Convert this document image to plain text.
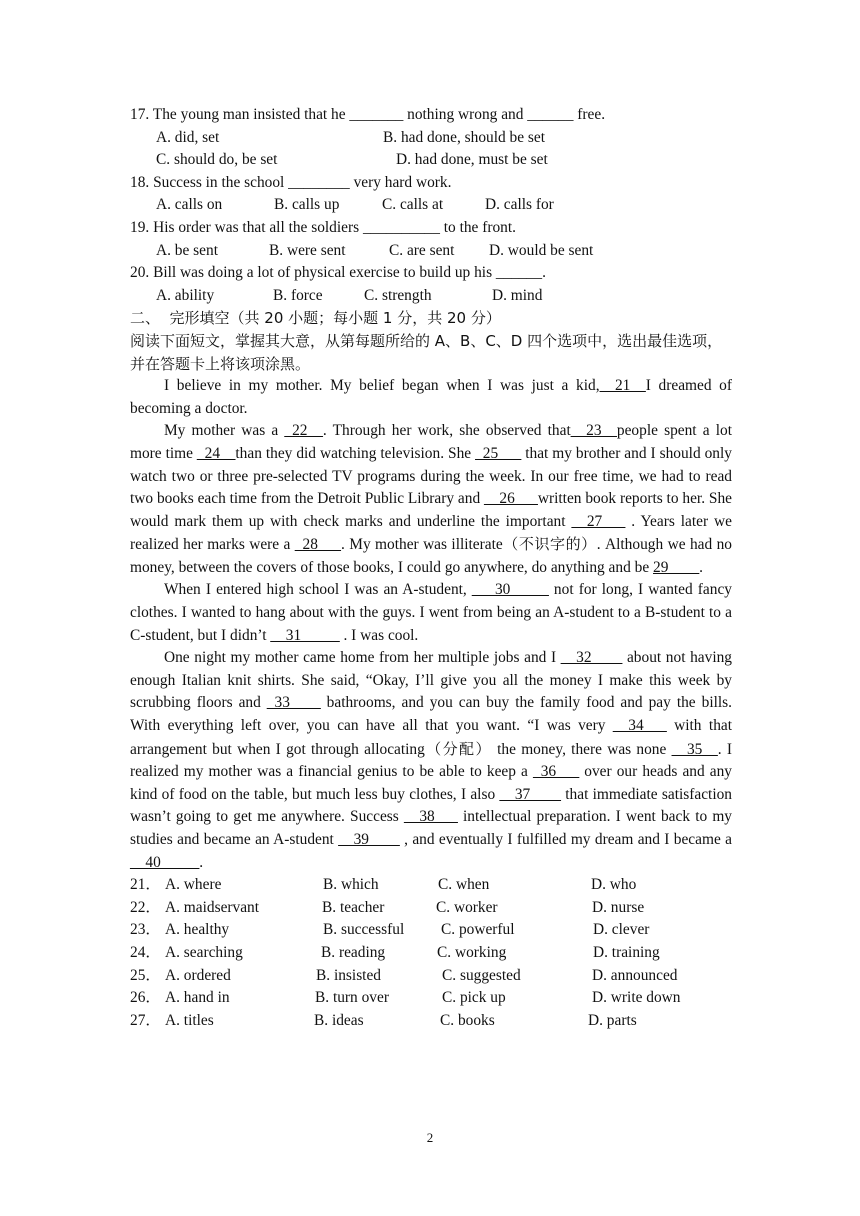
17. The young man insisted that he _______ nothing wrong and ______ free.
A. did, set	B. had done, should be set
C. should do, be set	D. had done, must be set
18. Success in the school ________ very hard work.
A. calls on	B. calls up	C. calls at	D. calls for
19. His order was that all the soldiers __________ to the front.
A. be sent	B. were sent	C. are sent D. would be sent
20. Bill was doing a lot of physical exercise to build up his ______.
A. ability	B. force	C. strength	D. mind
二、  完形填空（共 20 小题；每小题 1 分，共 20 分）
阅读下面短文，掌握其大意，从第每题所给的 A、B、C、D 四个选项中，选出最佳选项，并在答题卡上将该项涂黑。
I believe in my mother. My belief began when I was just a kid,__21__I dreamed of becoming a doctor.
My mother was a _22__. Through her work, she observed that__23__people spent a lot more time _24__than they did watching television. She _25___ that my brother and I should only watch two or three pre-selected TV programs during the week. In our free time, we had to read two books each time from the Detroit Public Library and __26___written book reports to her. She would mark them up with check marks and underline the important __27___ . Years later we realized her marks were a _28___. My mother was illiterate（不识字的）. Although we had no money, between the covers of those books, I could go anywhere, do anything and be 29____.
When I entered high school I was an A-student, ___30_____ not for long, I wanted fancy clothes. I wanted to hang about with the guys. I went from being an A-student to a B-student to a C-student, but I didn’t __31_____ . I was cool.
One night my mother came home from her multiple jobs and I __32____ about not having enough Italian knit shirts. She said, “Okay, I’ll give you all the money I make this week by scrubbing floors and _33____ bathrooms, and you can buy the family food and pay the bills. With everything left over, you can have all that you want. “I was very __34___ with that arrangement but when I got through allocating（分配） the money, there was none __35__. I realized my mother was a financial genius to be able to keep a _36___ over our heads and any kind of food on the table, but much less buy clothes, I also __37____ that immediate satisfaction wasn’t going to get me anywhere. Success __38___ intellectual preparation. I went back to my studies and became an A-student __39____ , and eventually I fulfilled my dream and I became a __40_____.
21． A. where	B. which	C. when	D. who
22． A. maidservant	B. teacher	C. worker	D. nurse
23． A. healthy	B. successful C. powerful	D. clever
24． A. searching	B. reading	C. working	D. training
25． A. ordered	B. insisted	C. suggested	D. announced
26． A. hand in	B. turn over	C. pick up	D. write down
27． A. titles	B. ideas	C. books	D. parts
2
